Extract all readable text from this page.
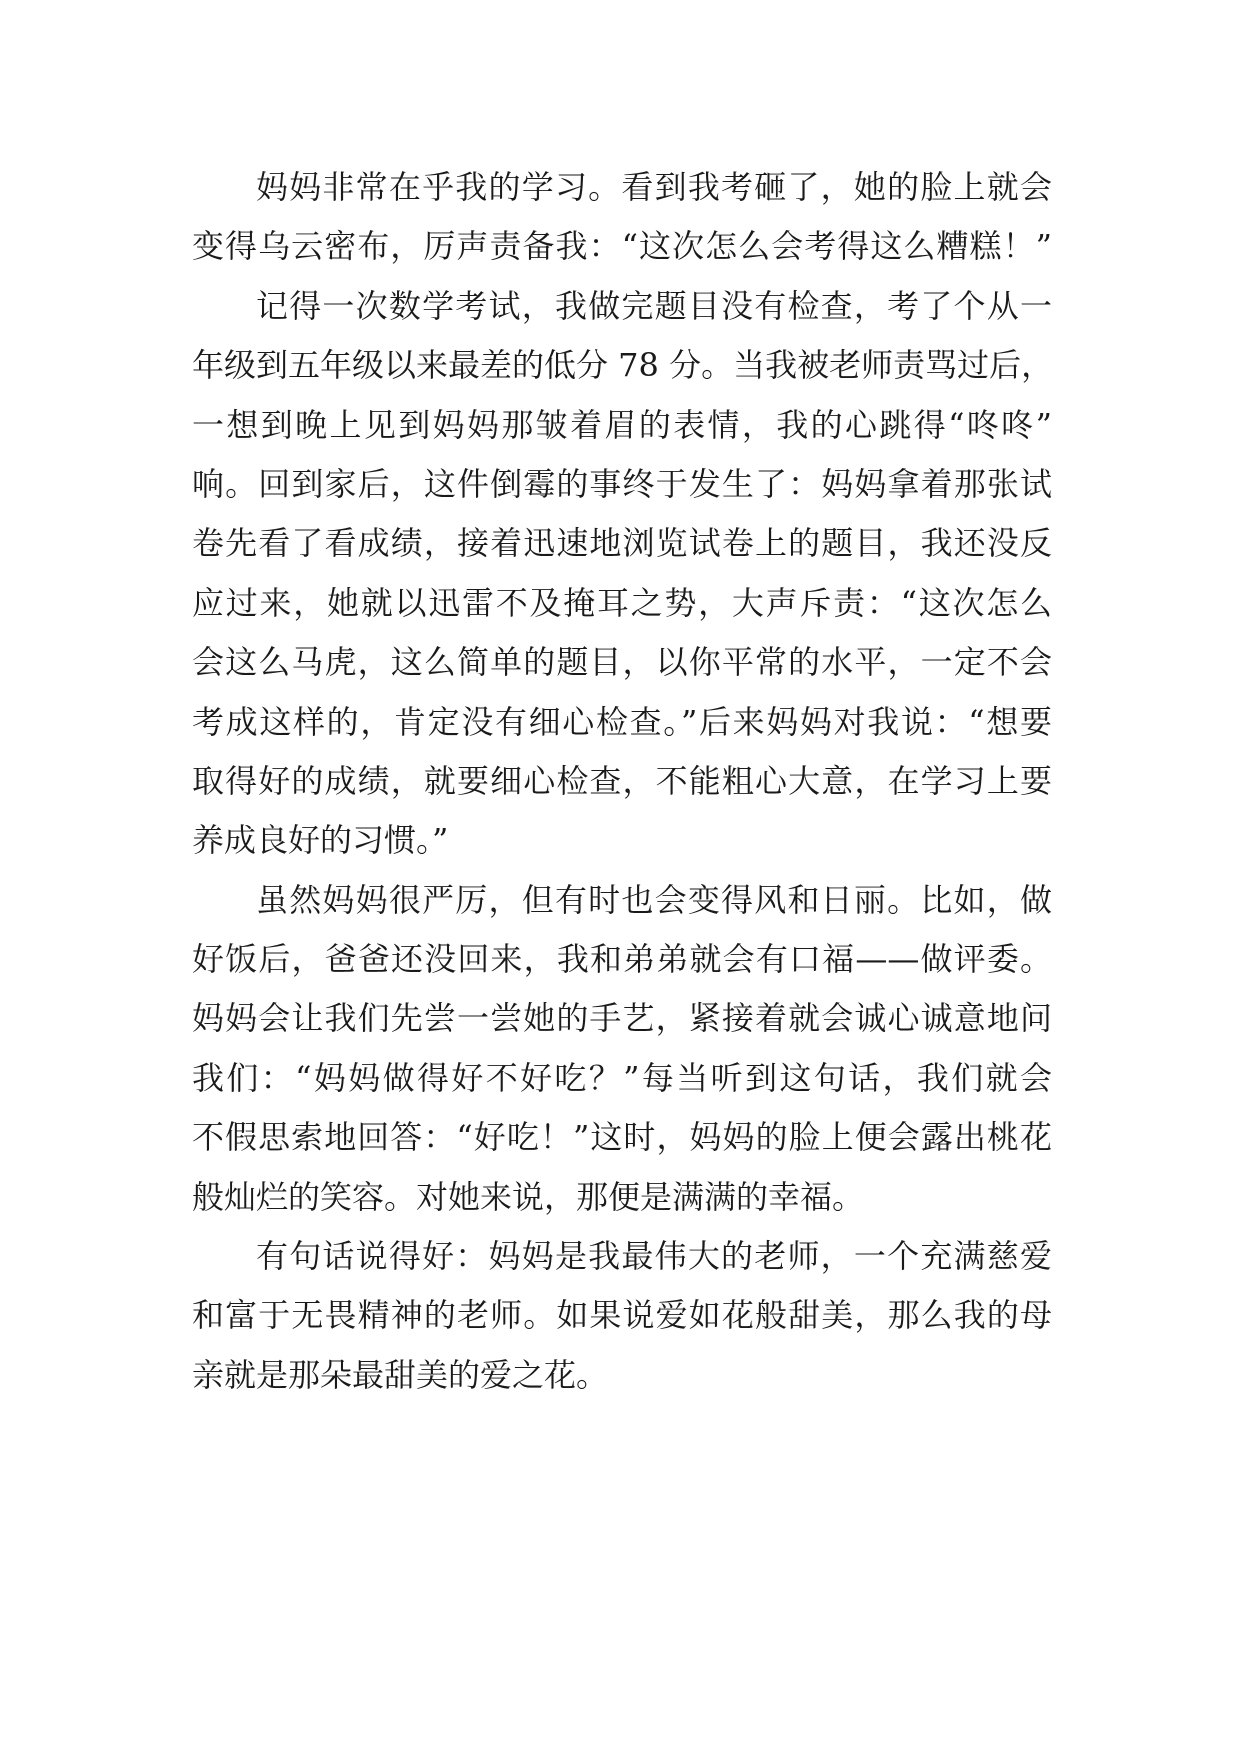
妈妈非常在乎我的学习。看到我考砸了，她的脸上就会
变得乌云密布，厉声责备我：“这次怎么会考得这么糟糕！”
记得一次数学考试，我做完题目没有检查，考了个从一
年级到五年级以来最差的低分 78 分。当我被老师责骂过后，
一想到晚上见到妈妈那皱着眉的表情，我的心跳得“咚咚”
响。回到家后，这件倒霉的事终于发生了：妈妈拿着那张试
卷先看了看成绩，接着迅速地浏览试卷上的题目，我还没反
应过来，她就以迅雷不及掩耳之势，大声斥责：“这次怎么
会这么马虎，这么简单的题目，以你平常的水平，一定不会
考成这样的，肯定没有细心检查。”后来妈妈对我说：“想要
取得好的成绩，就要细心检查，不能粗心大意，在学习上要
养成良好的习惯。”
虽然妈妈很严厉，但有时也会变得风和日丽。比如，做
好饭后，爸爸还没回来，我和弟弟就会有口福——做评委。
妈妈会让我们先尝一尝她的手艺，紧接着就会诚心诚意地问
我们：“妈妈做得好不好吃？”每当听到这句话，我们就会
不假思索地回答：“好吃！”这时，妈妈的脸上便会露出桃花
般灿烂的笑容。对她来说，那便是满满的幸福。
有句话说得好：妈妈是我最伟大的老师，一个充满慈爱
和富于无畏精神的老师。如果说爱如花般甜美，那么我的母
亲就是那朵最甜美的爱之花。
